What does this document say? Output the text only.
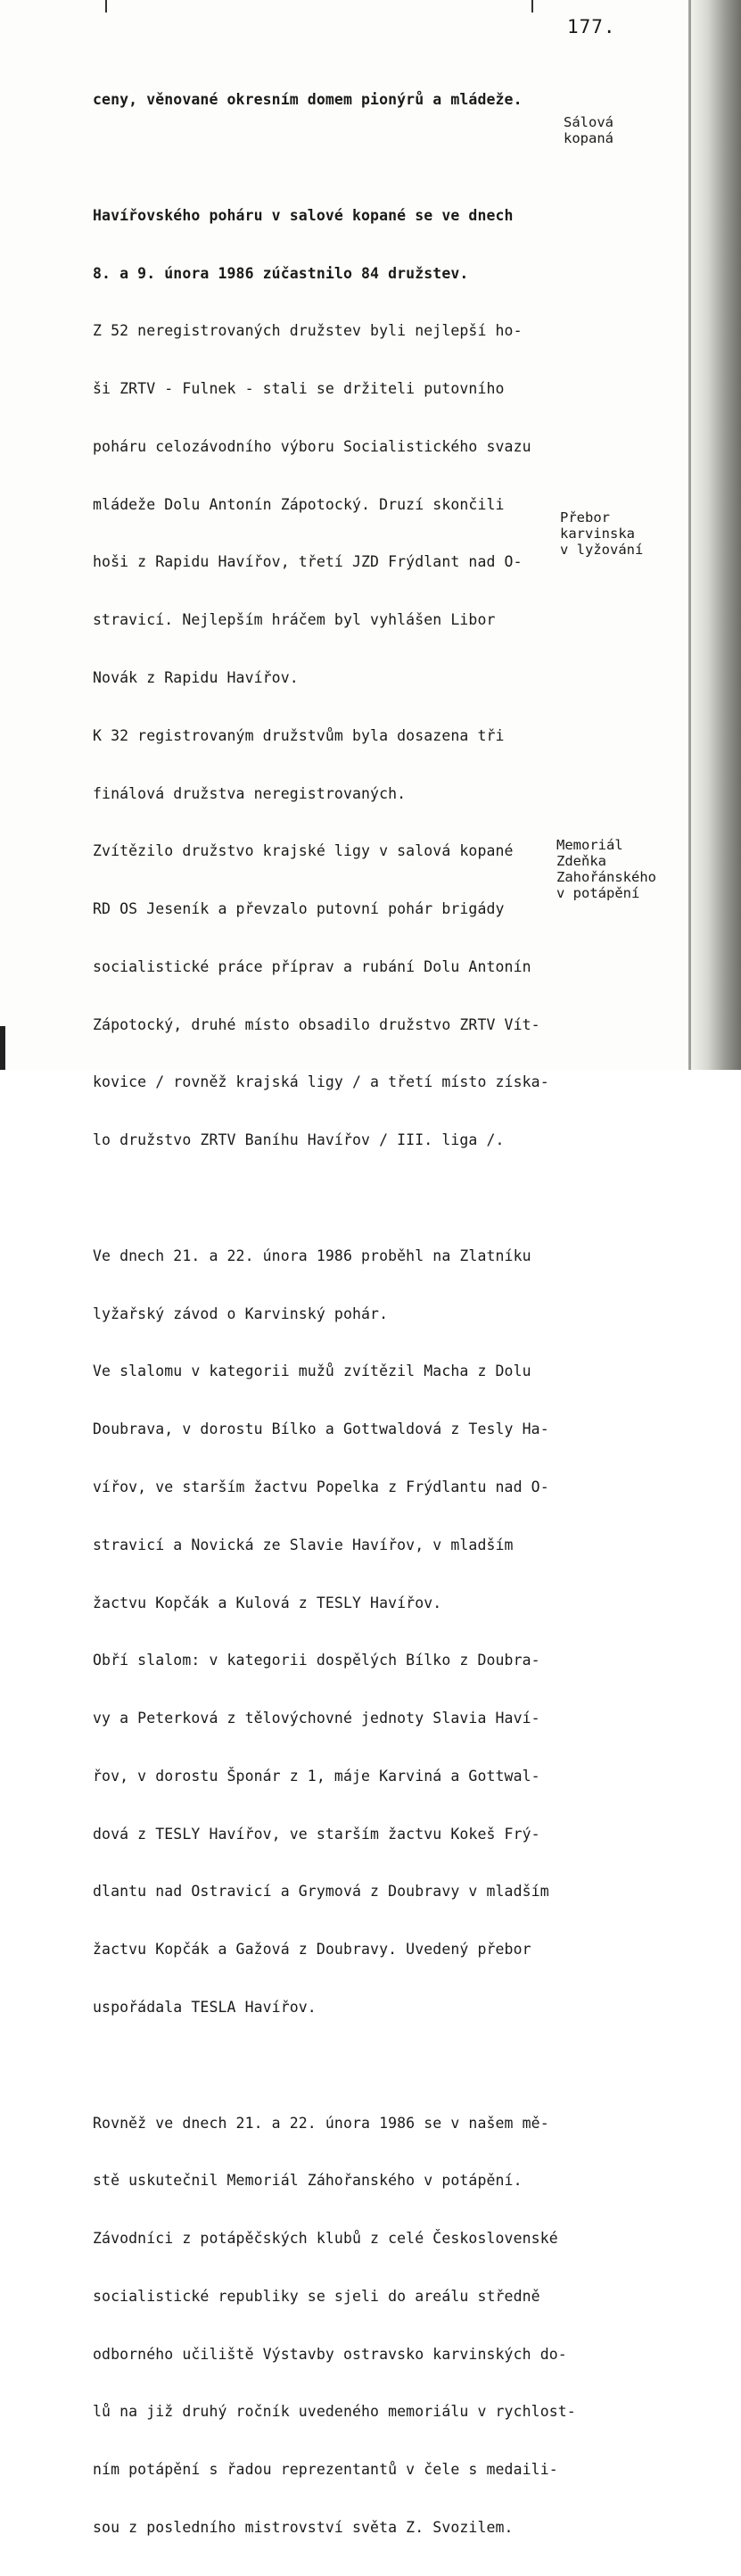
177.

ceny, věnované okresním domem pionýrů a mládeže.

Havířovského poháru v salové kopané se ve dnech

8. a 9. února 1986 zúčastnilo 84 družstev.

Z 52 neregistrovaných družstev byli nejlepší ho-

ši ZRTV - Fulnek - stali se držiteli putovního

poháru celozávodního výboru Socialistického svazu

mládeže Dolu Antonín Zápotocký. Druzí skončili

hoši z Rapidu Havířov, třetí JZD Frýdlant nad O-

stravicí. Nejlepším hráčem byl vyhlášen Libor

Novák z Rapidu Havířov.

K 32 registrovaným družstvům byla dosazena tři

finálová družstva neregistrovaných.

Zvítězilo družstvo krajské ligy v salová kopané

RD OS Jeseník a převzalo putovní pohár brigády

socialistické práce příprav a rubání Dolu Antonín

Zápotocký, druhé místo obsadilo družstvo ZRTV Vít-

kovice / rovněž krajská ligy / a třetí místo získa-

lo družstvo ZRTV Baníhu Havířov / III. liga /.

Ve dnech 21. a 22. února 1986 proběhl na Zlatníku

lyžařský závod o Karvinský pohár.

Ve slalomu v kategorii mužů zvítězil Macha z Dolu

Doubrava, v dorostu Bílko a Gottwaldová z Tesly Ha-

vířov, ve starším žactvu Popelka z Frýdlantu nad O-

stravicí a Novická ze Slavie Havířov, v mladším

žactvu Kopčák a Kulová z TESLY Havířov.

Obří slalom: v kategorii dospělých Bílko z Doubra-

vy a Peterková z tělovýchovné jednoty Slavia Haví-

řov, v dorostu Šponár z 1, máje Karviná a Gottwal-

dová z TESLY Havířov, ve starším žactvu Kokeš Frý-

dlantu nad Ostravicí a Grymová z Doubravy v mladším

žactvu Kopčák a Gažová z Doubravy. Uvedený přebor

uspořádala TESLA Havířov.

Rovněž ve dnech 21. a 22. února 1986 se v našem mě-

stě uskutečnil Memoriál Záhořanského v potápění.

Závodníci z potápěčských klubů z celé Československé

socialistické republiky se sjeli do areálu středně

odborného učiliště Výstavby ostravsko karvinských do-

lů na již druhý ročník uvedeného memoriálu v rychlost-

ním potápění s řadou reprezentantů v čele s medaili-

sou z posledního mistrovství světa Z. Svozilem.

Sálová
kopaná
Přebor
karvinska
v lyžování
Memoriál
Zdeňka
Zahořánského
v potápění
